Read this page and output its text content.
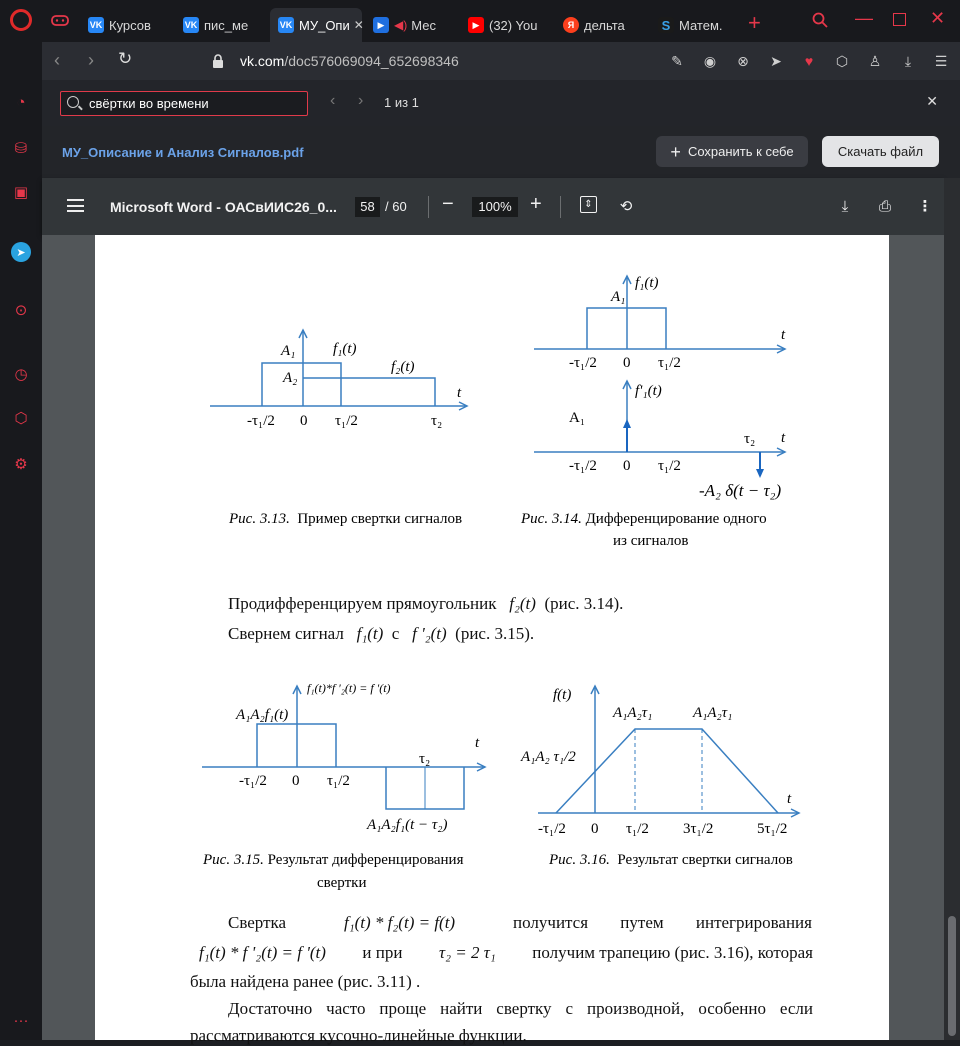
VK Курсов	VK пис_ме	VK МУ_Опи ✕	▶ ◀) Мес	▶ (32) You	Я дельта	S Матем. +	—	✕
‹ › ↻	vk.com/doc576069094_652698346	✎ ◉ ⊗ ➤	♥	⬡ ♙	⤓	☰
◔
⛁
▣
➤
⊙
◷
⬡
⚙
···
свёртки во времени	‹ › 1 из 1	✕
МУ_Описание и Анализ Сигналов.pdf	+ Сохранить к себе	Скачать файл
Microsoft Word - ОАСвИИС26_0...	58 / 60 −	100% +	⇕ ⟲	⤓	⎙ ⋮
A₁	f₁(t)
A₂
f₂(t)
t
-τ₁/2 0 τ₁/2	τ₂
f₁(t)
A₁
t
-τ₁/2 0 τ₁/2
f'₁(t)
A₁
τ₂ t
-τ₁/2 0 τ₁/2
-A₂ δ(t − τ₂)
Рис. 3.13. Пример свертки сигналов	Рис. 3.14. Дифференцирование одного
из сигналов
Продифференцируем прямоугольник f₂(t) (рис. 3.14).
Свернем сигнал f₁(t) с f '₂(t) (рис. 3.15).
f₁(t)*f '₂(t) = f '(t)
A₁A₂f₁(t)
t
τ₂
-τ₁/2 0 τ₁/2
A₁A₂f₁(t − τ₂)
f(t)
A₁A₂τ₁	A₁A₂τ₁
A₁A₂ τ₁/2
t
-τ₁/2 0 τ₁/2 3τ₁/2	5τ₁/2
Рис. 3.15. Результат дифференцирования
свертки
Рис. 3.16. Результат свертки сигналов
Свертка	f₁(t) * f₂(t) = f(t)	получится путем интегрирования
f₁(t) * f '₂(t) = f '(t) и при τ₂ = 2 τ₁ получим трапецию (рис. 3.16), которая
была найдена ранее (рис. 3.11) .
Достаточно часто проще найти свертку с производной, особенно если
рассматриваются кусочно-линейные функции.
